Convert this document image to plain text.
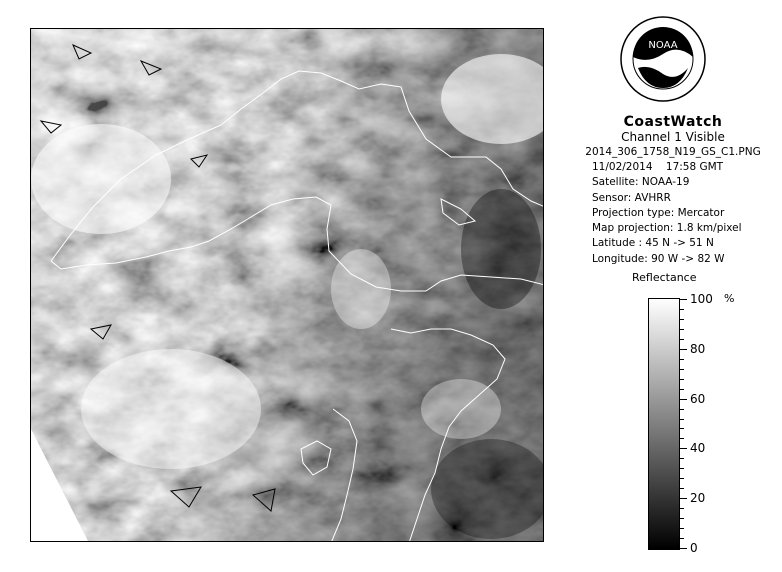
NOAA
CoastWatch
Channel 1 Visible
2014_306_1758_N19_GS_C1.PNG
11/02/2014 17:58 GMT
Satellite: NOAA-19
Sensor: AVHRR
Projection type: Mercator
Map projection: 1.8 km/pixel
Latitude : 45 N -> 51 N
Longitude: 90 W -> 82 W
Reflectance
%
100
80
60
40
20
0
